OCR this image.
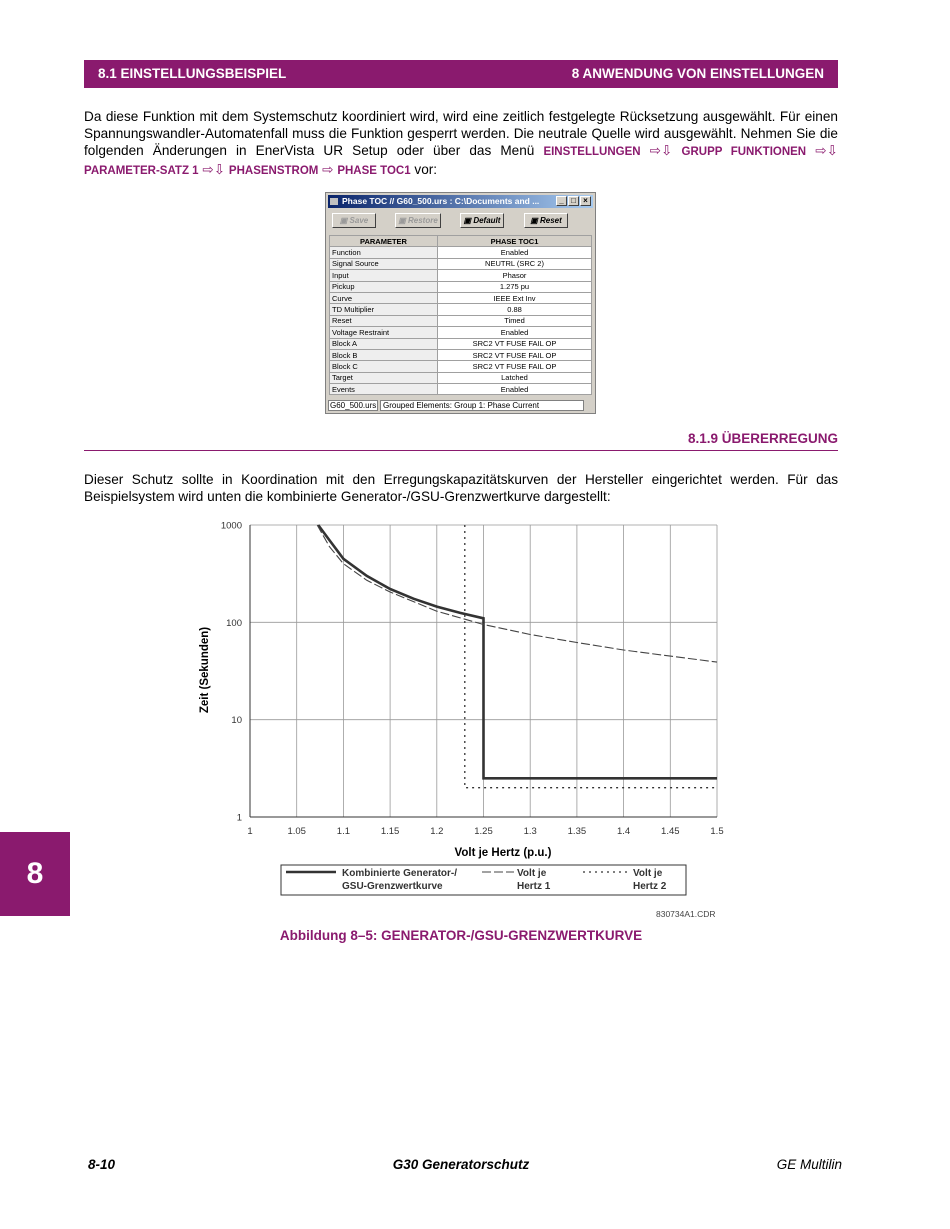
8.1 EINSTELLUNGSBEISPIEL	8 ANWENDUNG VON EINSTELLUNGEN
Da diese Funktion mit dem Systemschutz koordiniert wird, wird eine zeitlich festgelegte Rücksetzung ausgewählt. Für einen Spannungswandler-Automatenfall muss die Funktion gesperrt werden. Die neutrale Quelle wird ausgewählt. Nehmen Sie die folgenden Änderungen in EnerVista UR Setup oder über das Menü EINSTELLUNGEN ⇨⇩ GRUPP FUNKTIONEN ⇨⇩ PARAMETER-SATZ 1 ⇨⇩ PHASENSTROM ⇨ PHASE TOC1 vor:
Phase TOC // G60_500.urs : C:\Documents and ...	_ □ ×
▣ Save	▣ Restore	▣ Default	▣ Reset
PARAMETER	PHASE TOC1
Function	Enabled
Signal Source	NEUTRL (SRC 2)
Input	Phasor
Pickup	1.275 pu
Curve	IEEE Ext Inv
TD Multiplier	0.88
Reset	Timed
Voltage Restraint	Enabled
Block A	SRC2 VT FUSE FAIL OP
Block B	SRC2 VT FUSE FAIL OP
Block C	SRC2 VT FUSE FAIL OP
Target	Latched
Events	Enabled
G60_500.urs Grouped Elements: Group 1: Phase Current
8.1.9 ÜBERERREGUNG
Dieser Schutz sollte in Koordination mit den Erregungskapazitätskurven der Hersteller eingerichtet werden. Für das Beispielsystem wird unten die kombinierte Generator-/GSU-Grenzwertkurve dargestellt:
1	1.05	1.1	1.15	1.2	1.25	1.3	1.35	1.4	1.45	1.5
1
10
100
1000
Volt je Hertz (p.u.)
Zeit (Sekunden)
Kombinierte Generator-/
GSU-Grenzwertkurve
Volt je
Hertz 1
Volt je
Hertz 2
830734A1.CDR
Abbildung 8–5: GENERATOR-/GSU-GRENZWERTKURVE
8
8-10	G30 Generatorschutz	GE Multilin
